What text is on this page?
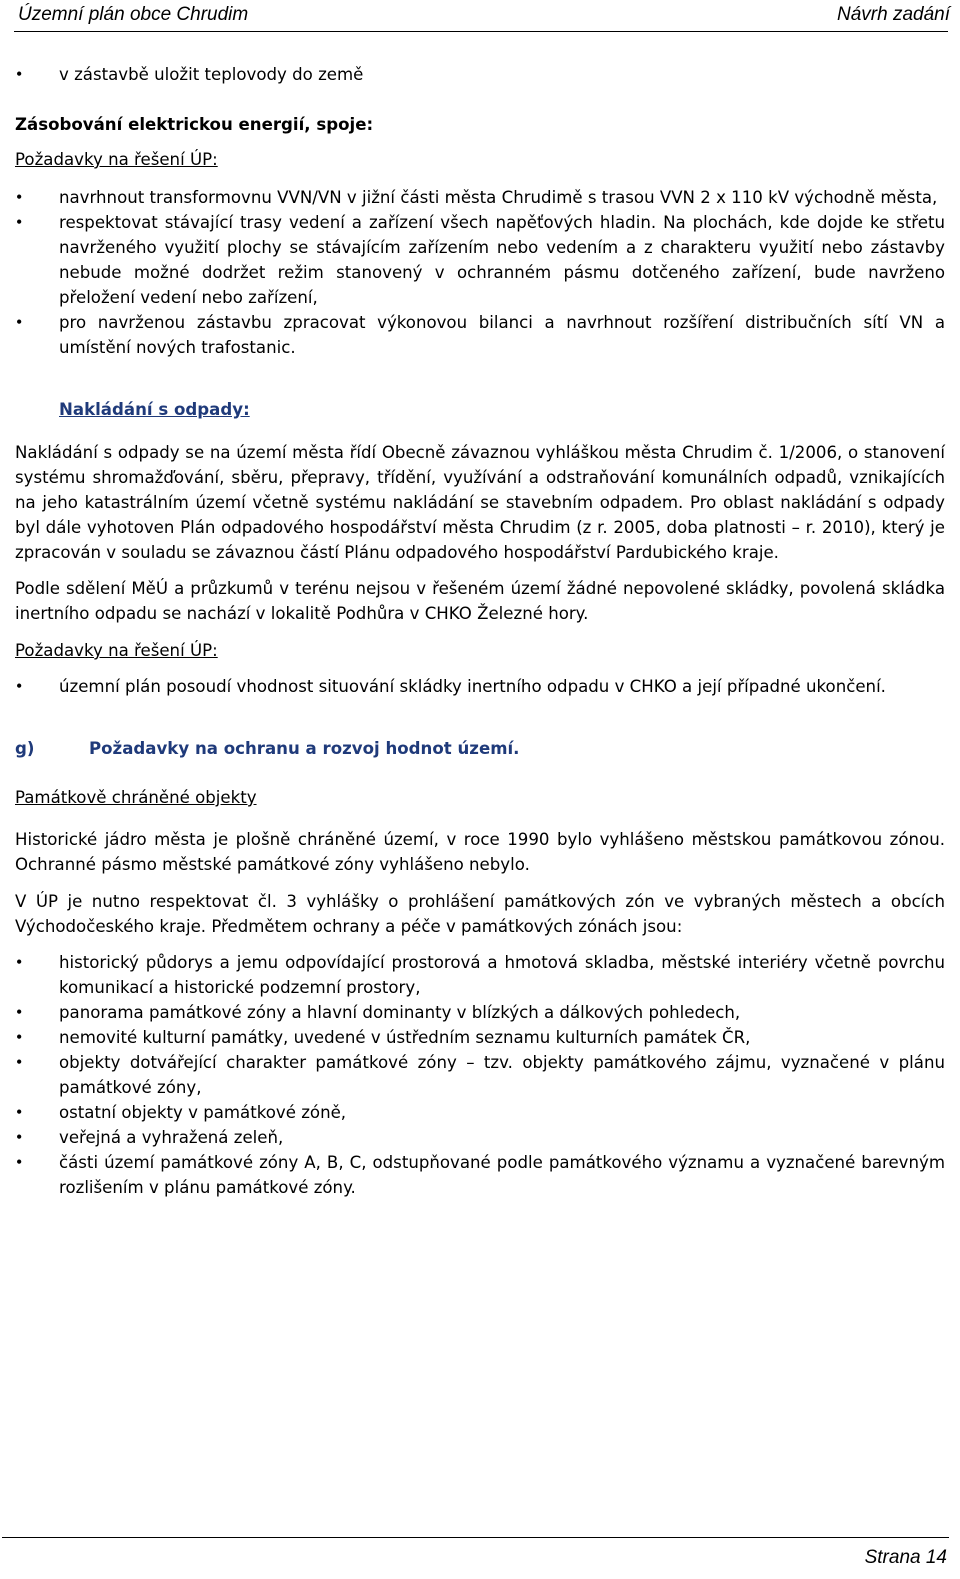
Územní plán obce Chrudim	Návrh zadání
• v zástavbě uložit teplovody do země

Zásobování elektrickou energií, spoje:

Požadavky na řešení ÚP:

• navrhnout transformovnu VVN/VN v jižní části města Chrudimě s trasou VVN 2 x 110 kV východně města,
• respektovat stávající trasy vedení a zařízení všech napěťových hladin. Na plochách, kde dojde ke střetu navrženého využití plochy se stávajícím zařízením nebo vedením a z charakteru využití nebo zástavby nebude možné dodržet režim stanovený v ochranném pásmu dotčeného zařízení, bude navrženo přeložení vedení nebo zařízení,
• pro navrženou zástavbu zpracovat výkonovou bilanci a navrhnout rozšíření distribučních sítí VN a umístění nových trafostanic.

Nakládání s odpady:

Nakládání s odpady se na území města řídí Obecně závaznou vyhláškou města Chrudim č. 1/2006, o stanovení systému shromažďování, sběru, přepravy, třídění, využívání a odstraňování komunálních odpadů, vznikajících na jeho katastrálním území včetně systému nakládání se stavebním odpadem. Pro oblast nakládání s odpady byl dále vyhotoven Plán odpadového hospodářství města Chrudim (z r. 2005, doba platnosti – r. 2010), který je zpracován v souladu se závaznou částí Plánu odpadového hospodářství Pardubického kraje.

Podle sdělení MěÚ a průzkumů v terénu nejsou v řešeném území žádné nepovolené skládky, povolená skládka inertního odpadu se nachází v lokalitě Podhůra v CHKO Železné hory.

Požadavky na řešení ÚP:

• územní plán posoudí vhodnost situování skládky inertního odpadu v CHKO a její případné ukončení.
g)	Požadavky na ochranu a rozvoj hodnot území.

Památkově chráněné objekty

Historické jádro města je plošně chráněné území, v roce 1990 bylo vyhlášeno městskou památkovou zónou. Ochranné pásmo městské památkové zóny vyhlášeno nebylo.

V ÚP je nutno respektovat čl. 3 vyhlášky o prohlášení památkových zón ve vybraných městech a obcích Východočeského kraje. Předmětem ochrany a péče v památkových zónách jsou:

• historický půdorys a jemu odpovídající prostorová a hmotová skladba, městské interiéry včetně povrchu komunikací a historické podzemní prostory,
• panorama památkové zóny a hlavní dominanty v blízkých a dálkových pohledech,
• nemovité kulturní památky, uvedené v ústředním seznamu kulturních památek ČR,
• objekty dotvářející charakter památkové zóny – tzv. objekty památkového zájmu, vyznačené v plánu památkové zóny,
• ostatní objekty v památkové zóně,
• veřejná a vyhražená zeleň,
• části území památkové zóny A, B, C, odstupňované podle památkového významu a vyznačené barevným rozlišením v plánu památkové zóny.
Strana 14
